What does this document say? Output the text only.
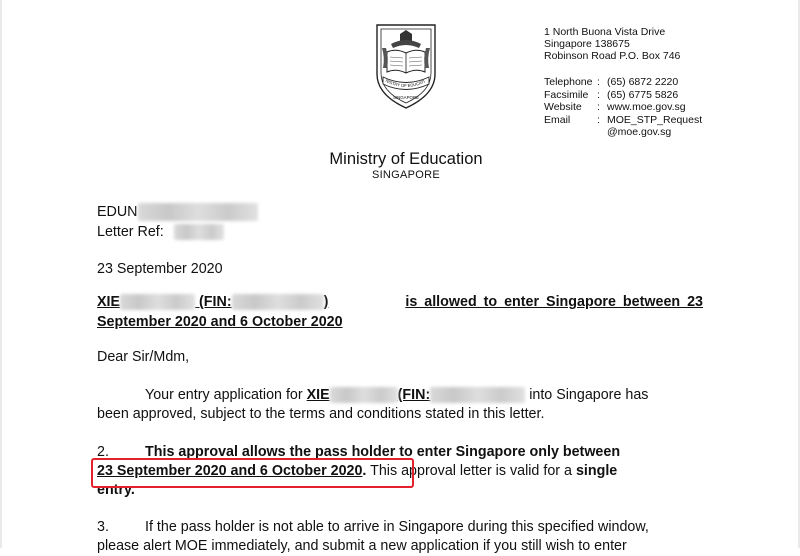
NISTRY OF EDUCATI
SINGAPORE
1 North Buona Vista Drive
Singapore 138675
Robinson Road P.O. Box 746
Telephone : (65) 6872 2220
Facsimile : (65) 6775 5826
Website	: www.moe.gov.sg
Email	: MOE_STP_Request
@moe.gov.sg
Ministry of Education
SINGAPORE
EDUN
Letter Ref:
23 September 2020
XIE	(FIN:	)	is allowed to enter Singapore between 23
September 2020 and 6 October 2020
Dear Sir/Mdm,
Your entry application for XIE	(FIN:	into Singapore has
been approved, subject to the terms and conditions stated in this letter.
2.	This approval allows the pass holder to enter Singapore only between
23 September 2020 and 6 October 2020. This approval letter is valid for a single
entry.
3.	If the pass holder is not able to arrive in Singapore during this specified window,
please alert MOE immediately, and submit a new application if you still wish to enter
